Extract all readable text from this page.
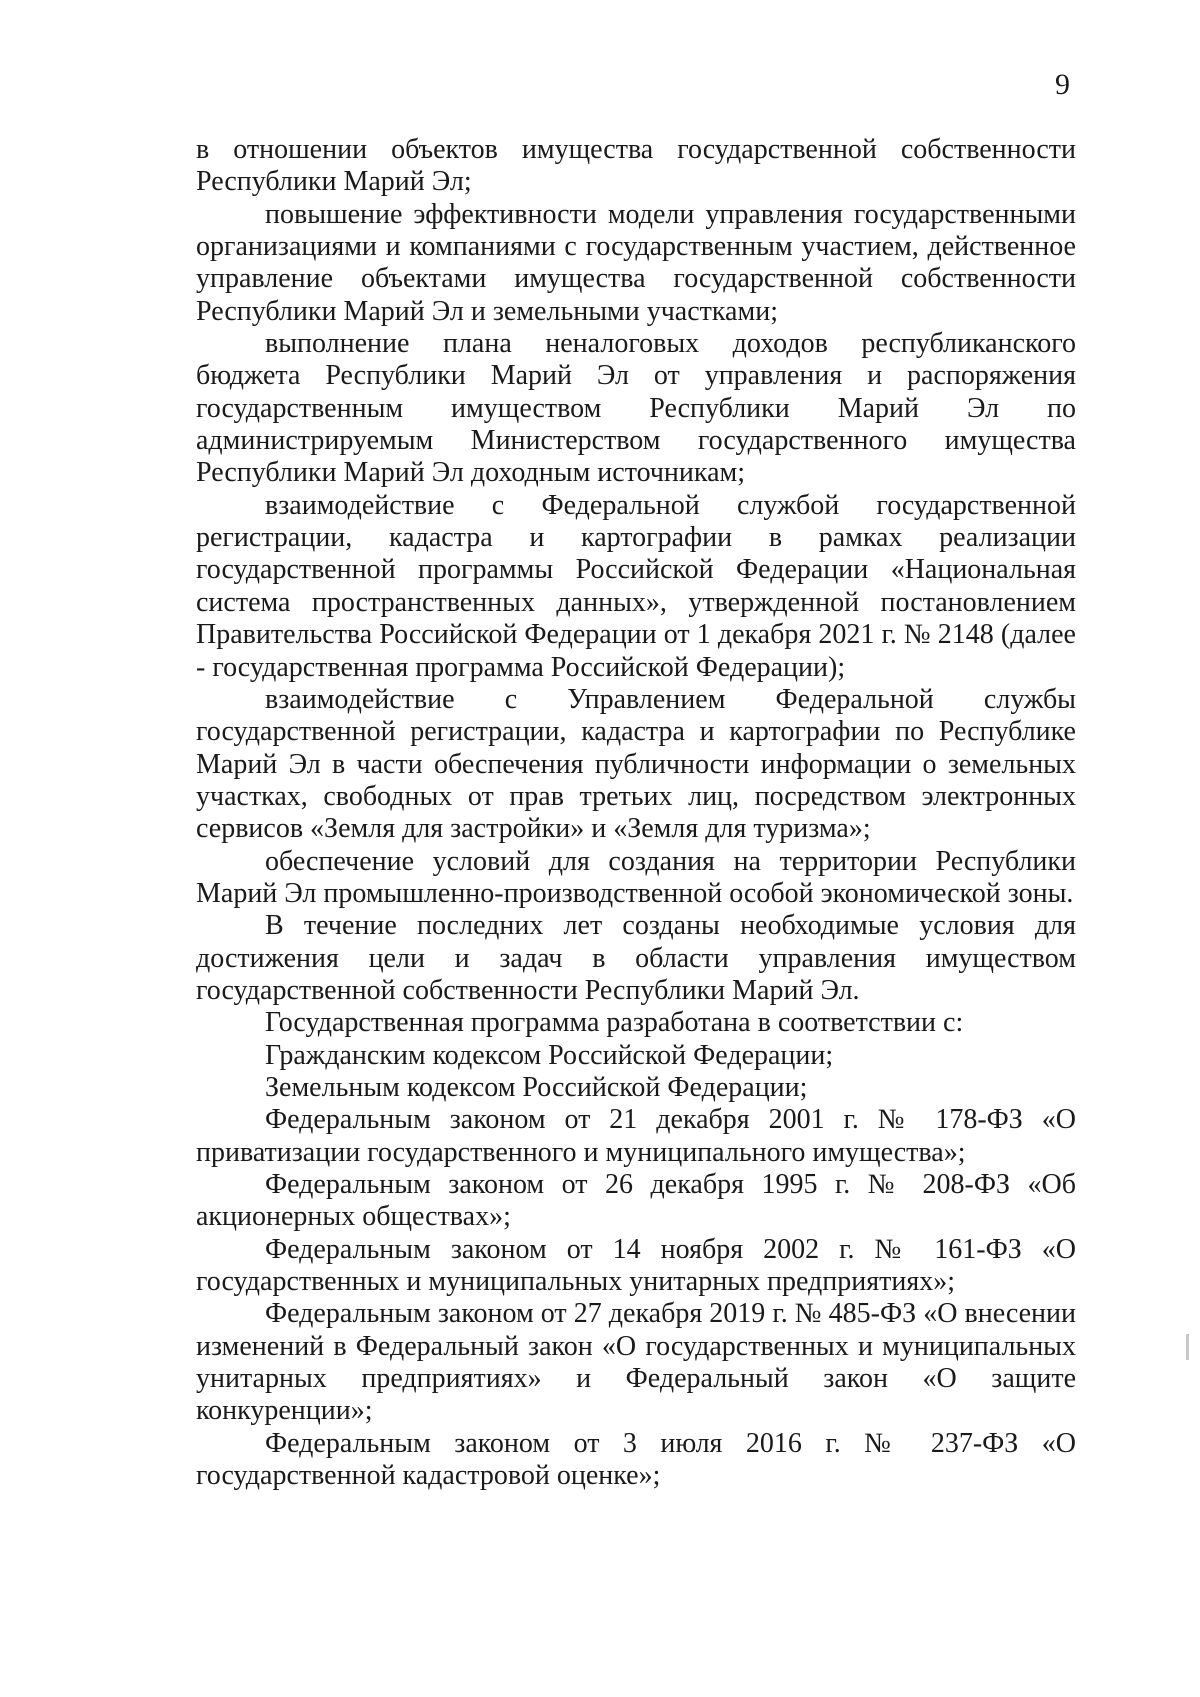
9

в отношении объектов имущества государственной собственности Республики Марий Эл;

повышение эффективности модели управления государственными организациями и компаниями с государственным участием, действенное управление объектами имущества государственной собственности Республики Марий Эл и земельными участками;

выполнение плана неналоговых доходов республиканского бюджета Республики Марий Эл от управления и распоряжения государственным имуществом Республики Марий Эл по администрируемым Министерством государственного имущества Республики Марий Эл доходным источникам;

взаимодействие с Федеральной службой государственной регистрации, кадастра и картографии в рамках реализации государственной программы Российской Федерации «Национальная система пространственных данных», утвержденной постановлением Правительства Российской Федерации от 1 декабря 2021 г. № 2148 (далее - государственная программа Российской Федерации);

взаимодействие с Управлением Федеральной службы государственной регистрации, кадастра и картографии по Республике Марий Эл в части обеспечения публичности информации о земельных участках, свободных от прав третьих лиц, посредством электронных сервисов «Земля для застройки» и «Земля для туризма»;

обеспечение условий для создания на территории Республики Марий Эл промышленно-производственной особой экономической зоны.

В течение последних лет созданы необходимые условия для достижения цели и задач в области управления имуществом государственной собственности Республики Марий Эл.

Государственная программа разработана в соответствии с:

Гражданским кодексом Российской Федерации;

Земельным кодексом Российской Федерации;

Федеральным законом от 21 декабря 2001 г. № 178-ФЗ «О приватизации государственного и муниципального имущества»;

Федеральным законом от 26 декабря 1995 г. № 208-ФЗ «Об акционерных обществах»;

Федеральным законом от 14 ноября 2002 г. № 161-ФЗ «О государственных и муниципальных унитарных предприятиях»;

Федеральным законом от 27 декабря 2019 г. № 485-ФЗ «О внесении изменений в Федеральный закон «О государственных и муниципальных унитарных предприятиях» и Федеральный закон «О защите конкуренции»;

Федеральным законом от 3 июля 2016 г. № 237-ФЗ «О государственной кадастровой оценке»;
